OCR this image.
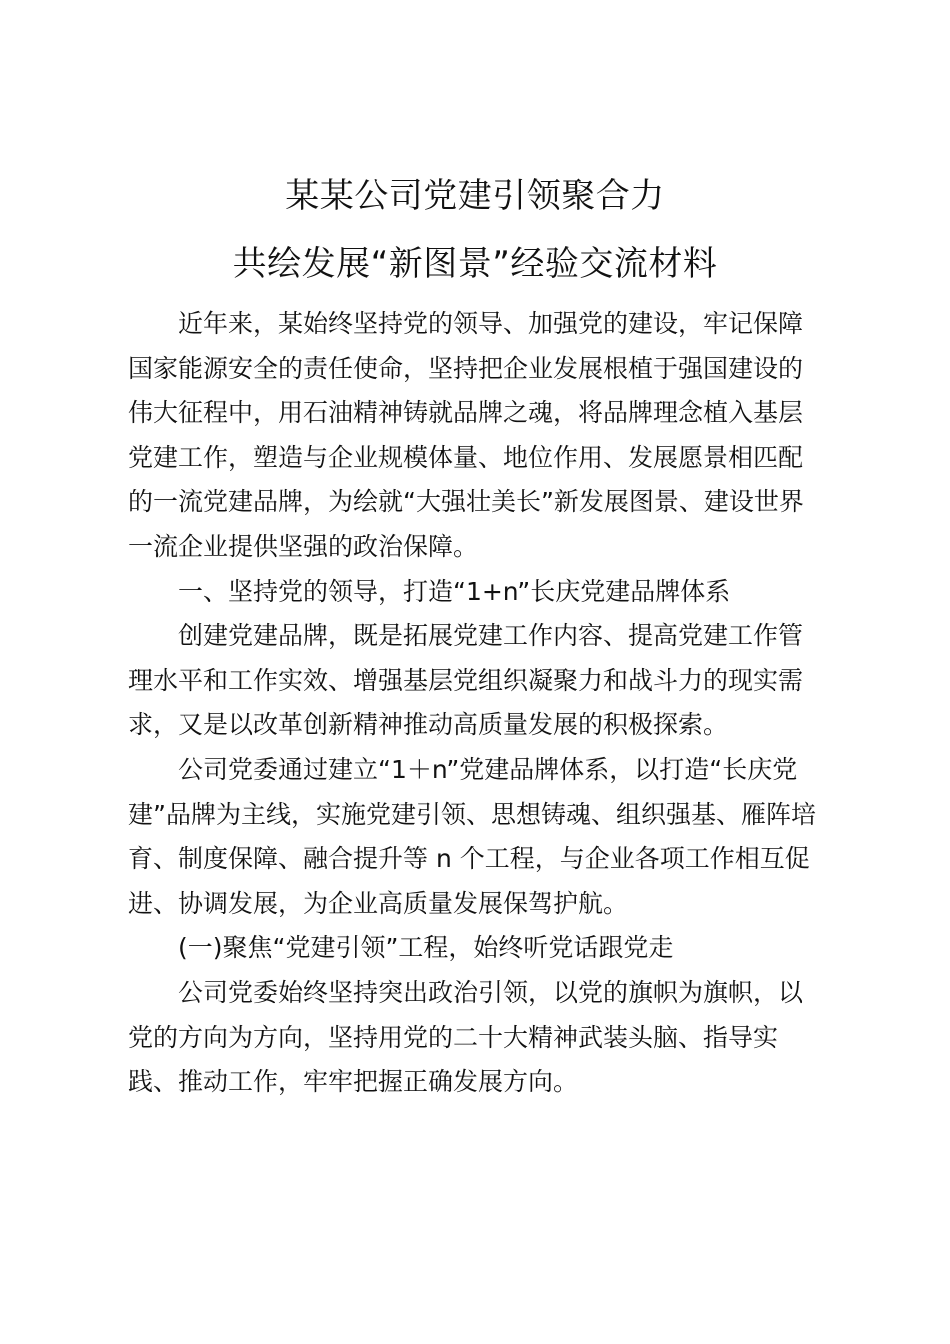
某某公司党建引领聚合力
共绘发展“新图景”经验交流材料
近年来，某始终坚持党的领导、加强党的建设，牢记保障
国家能源安全的责任使命，坚持把企业发展根植于强国建设的
伟大征程中，用石油精神铸就品牌之魂，将品牌理念植入基层
党建工作，塑造与企业规模体量、地位作用、发展愿景相匹配
的一流党建品牌，为绘就“大强壮美长”新发展图景、建设世界
一流企业提供坚强的政治保障。
一、坚持党的领导，打造“1+n”长庆党建品牌体系
创建党建品牌，既是拓展党建工作内容、提高党建工作管
理水平和工作实效、增强基层党组织凝聚力和战斗力的现实需
求，又是以改革创新精神推动高质量发展的积极探索。
公司党委通过建立“1＋n”党建品牌体系，以打造“长庆党
建”品牌为主线，实施党建引领、思想铸魂、组织强基、雁阵培
育、制度保障、融合提升等 n 个工程，与企业各项工作相互促
进、协调发展，为企业高质量发展保驾护航。
(一)聚焦“党建引领”工程，始终听党话跟党走
公司党委始终坚持突出政治引领，以党的旗帜为旗帜，以
党的方向为方向，坚持用党的二十大精神武装头脑、指导实
践、推动工作，牢牢把握正确发展方向。
